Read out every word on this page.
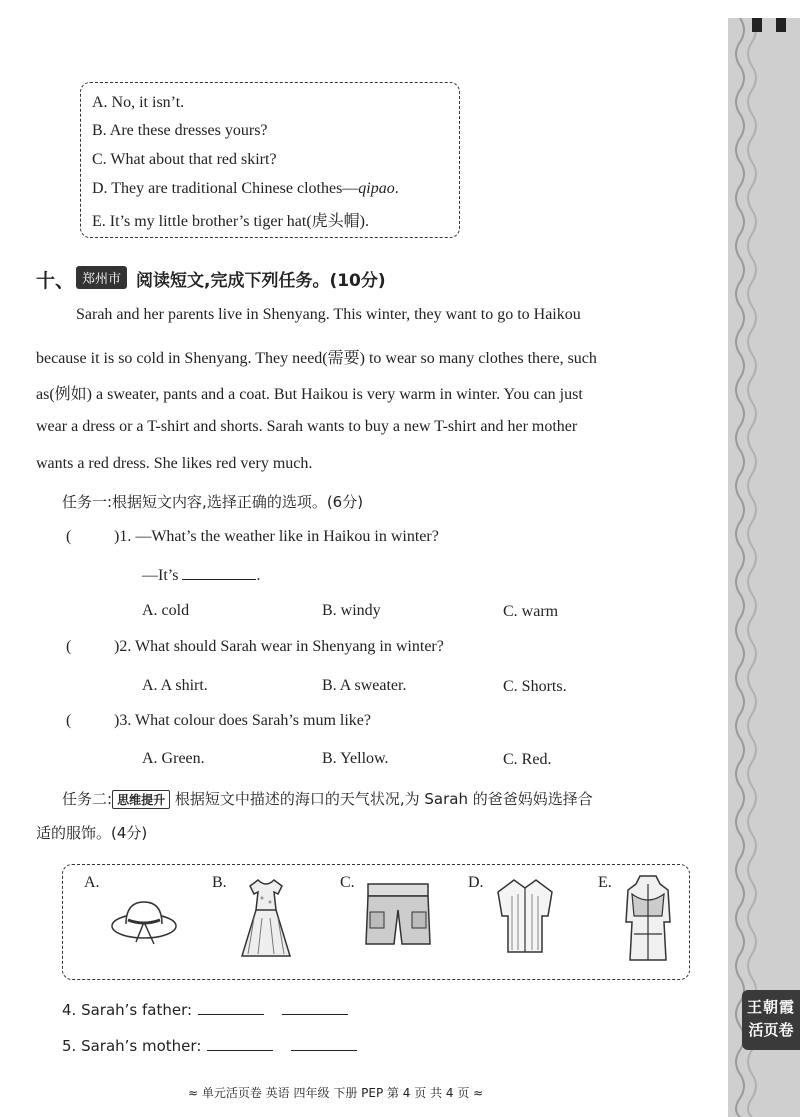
A. No, it isn’t.
B. Are these dresses yours?
C. What about that red skirt?
D. They are traditional Chinese clothes—qipao.
E. It’s my little brother’s tiger hat(虎头帽).
十、 郑州市 阅读短文,完成下列任务。(10分)
Sarah and her parents live in Shenyang. This winter, they want to go to Haikou
because it is so cold in Shenyang. They need(需要) to wear so many clothes there, such
as(例如) a sweater, pants and a coat. But Haikou is very warm in winter. You can just
wear a dress or a T-shirt and shorts. Sarah wants to buy a new T-shirt and her mother
wants a red dress. She likes red very much.
任务一:根据短文内容,选择正确的选项。(6分)
(	)1. —What’s the weather like in Haikou in winter?
—It’s	.
A. cold	B. windy	C. warm
(	)2. What should Sarah wear in Shenyang in winter?
A. A shirt.	B. A sweater.	C. Shorts.
(	)3. What colour does Sarah’s mum like?
A. Green.	B. Yellow.	C. Red.
任务二: 思维提升 根据短文中描述的海口的天气状况,为 Sarah 的爸爸妈妈选择合
适的服饰。(4分)
A.	B.	C.	D.	E.
4. Sarah’s father:
5. Sarah’s mother:
王朝霞
活页卷
≈ 单元活页卷 英语 四年级 下册 PEP 第 4 页 共 4 页 ≈
